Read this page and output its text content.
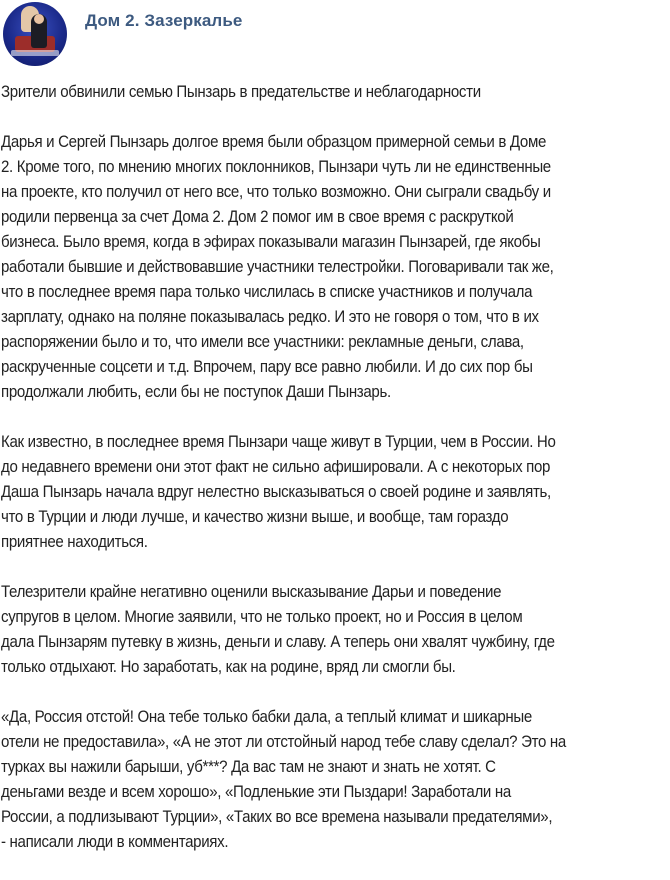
Дом 2. Зазеркалье

Зрители обвинили семью Пынзарь в предательстве и неблагодарности

Дарья и Сергей Пынзарь долгое время были образцом примерной семьи в Доме
2. Кроме того, по мнению многих поклонников, Пынзари чуть ли не единственные
на проекте, кто получил от него все, что только возможно. Они сыграли свадьбу и
родили первенца за счет Дома 2. Дом 2 помог им в свое время с раскруткой
бизнеса. Было время, когда в эфирах показывали магазин Пынзарей, где якобы
работали бывшие и действовавшие участники телестройки. Поговаривали так же,
что в последнее время пара только числилась в списке участников и получала
зарплату, однако на поляне показывалась редко. И это не говоря о том, что в их
распоряжении было и то, что имели все участники: рекламные деньги, слава,
раскрученные соцсети и т.д. Впрочем, пару все равно любили. И до сих пор бы
продолжали любить, если бы не поступок Даши Пынзарь.

Как известно, в последнее время Пынзари чаще живут в Турции, чем в России. Но
до недавнего времени они этот факт не сильно афишировали. А с некоторых пор
Даша Пынзарь начала вдруг нелестно высказываться о своей родине и заявлять,
что в Турции и люди лучше, и качество жизни выше, и вообще, там гораздо
приятнее находиться.

Телезрители крайне негативно оценили высказывание Дарьи и поведение
супругов в целом. Многие заявили, что не только проект, но и Россия в целом
дала Пынзарям путевку в жизнь, деньги и славу. А теперь они хвалят чужбину, где
только отдыхают. Но заработать, как на родине, вряд ли смогли бы.

«Да, Россия отстой! Она тебе только бабки дала, а теплый климат и шикарные
отели не предоставила», «А не этот ли отстойный народ тебе славу сделал? Это на
турках вы нажили барыши, уб***? Да вас там не знают и знать не хотят. С
деньгами везде и всем хорошо», «Подленькие эти Пыздари! Заработали на
России, а подлизывают Турции», «Таких во все времена называли предателями»,
- написали люди в комментариях.
